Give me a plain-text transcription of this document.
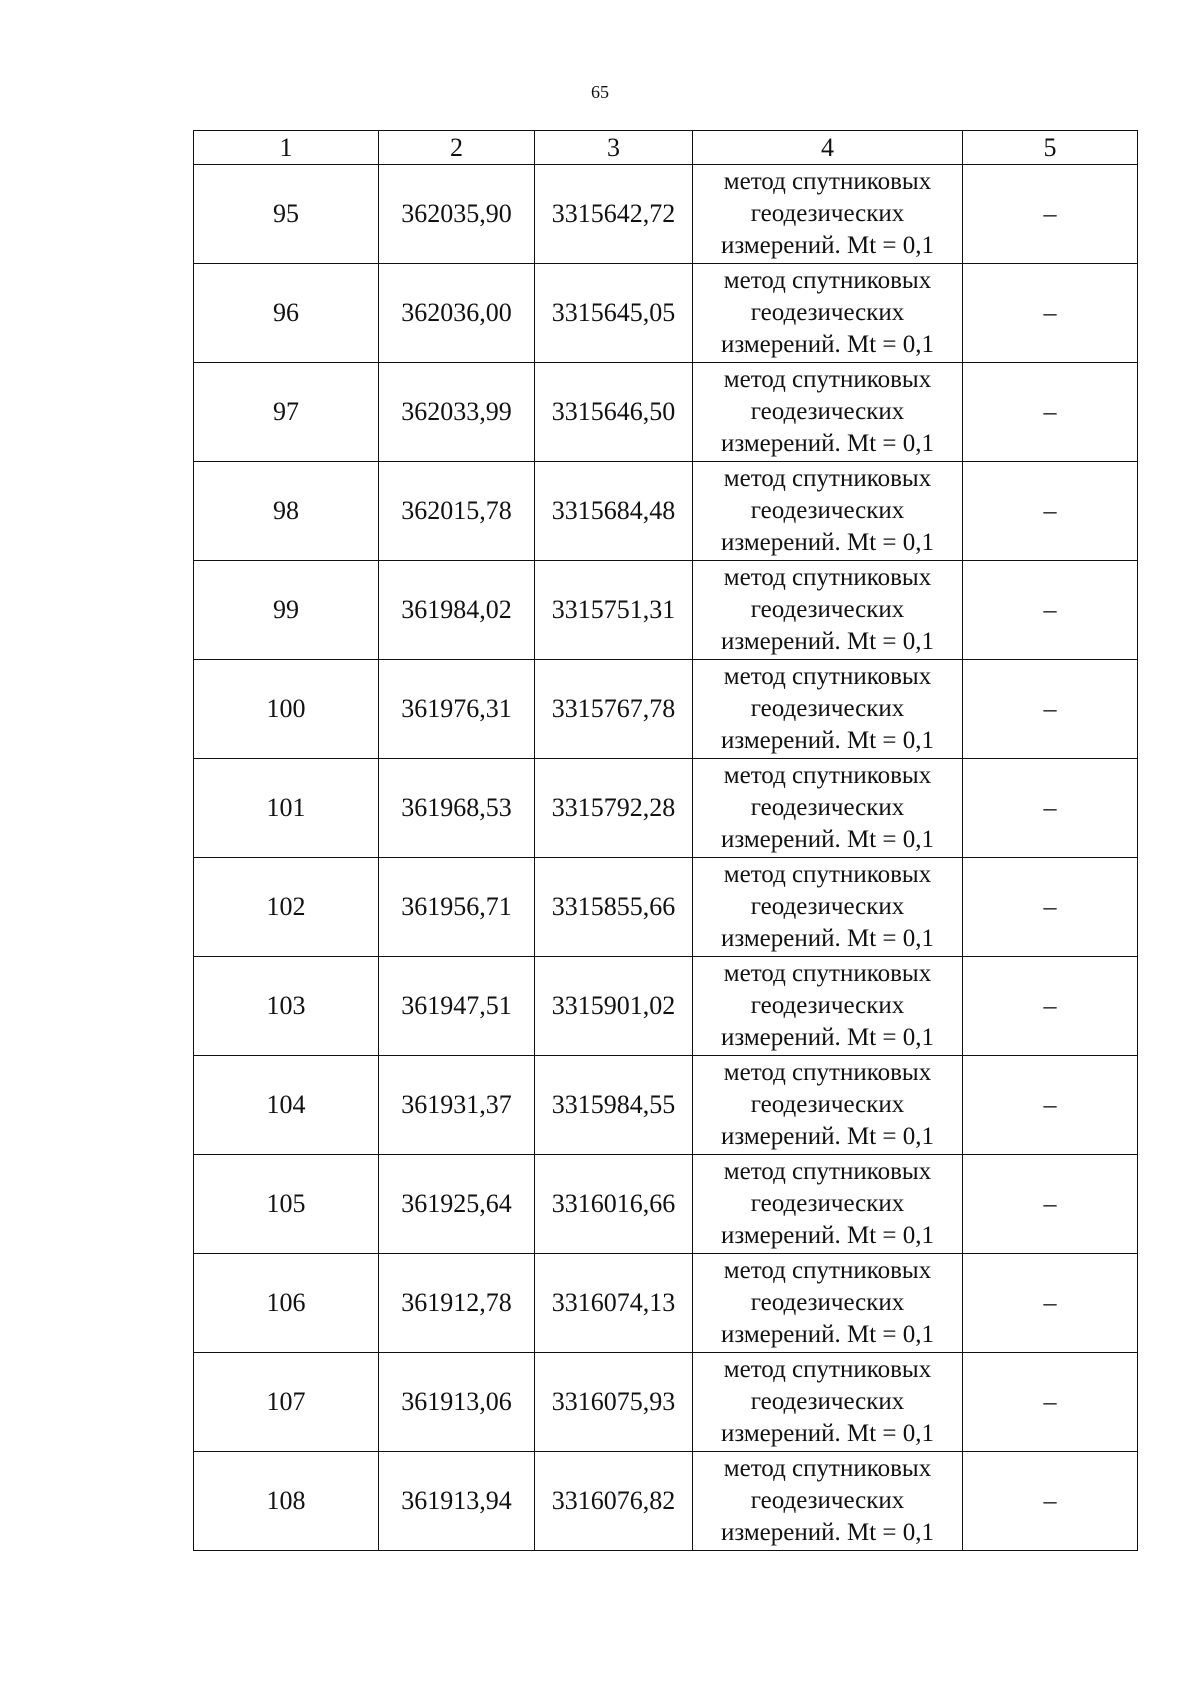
65
1	2	3	4	5
95	362035,90	3315642,72	метод спутниковых
геодезических
измерений. Mt = 0,1	–
96	362036,00	3315645,05	метод спутниковых
геодезических
измерений. Mt = 0,1	–
97	362033,99	3315646,50	метод спутниковых
геодезических
измерений. Mt = 0,1	–
98	362015,78	3315684,48	метод спутниковых
геодезических
измерений. Mt = 0,1	–
99	361984,02	3315751,31	метод спутниковых
геодезических
измерений. Mt = 0,1	–
100	361976,31	3315767,78	метод спутниковых
геодезических
измерений. Mt = 0,1	–
101	361968,53	3315792,28	метод спутниковых
геодезических
измерений. Mt = 0,1	–
102	361956,71	3315855,66	метод спутниковых
геодезических
измерений. Mt = 0,1	–
103	361947,51	3315901,02	метод спутниковых
геодезических
измерений. Mt = 0,1	–
104	361931,37	3315984,55	метод спутниковых
геодезических
измерений. Mt = 0,1	–
105	361925,64	3316016,66	метод спутниковых
геодезических
измерений. Mt = 0,1	–
106	361912,78	3316074,13	метод спутниковых
геодезических
измерений. Mt = 0,1	–
107	361913,06	3316075,93	метод спутниковых
геодезических
измерений. Mt = 0,1	–
108	361913,94	3316076,82	метод спутниковых
геодезических
измерений. Mt = 0,1	–
